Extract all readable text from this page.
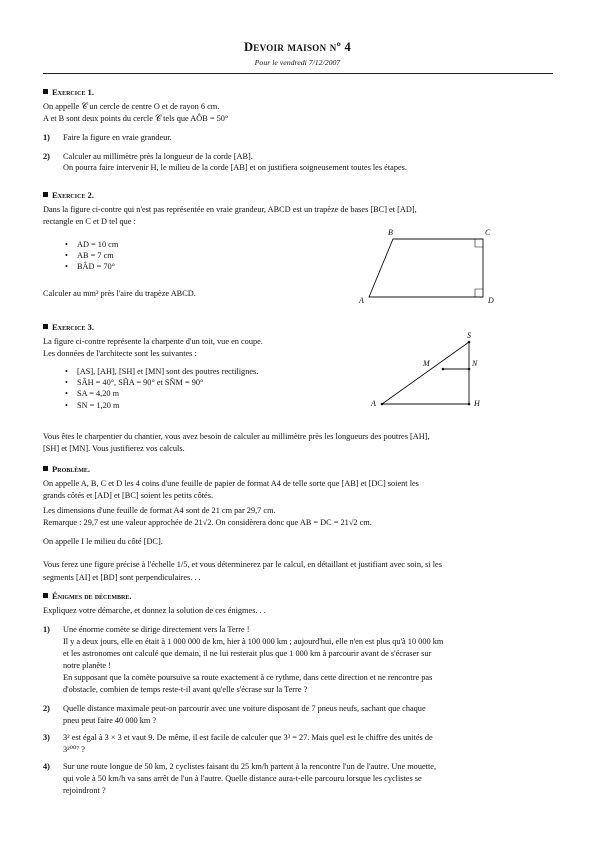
Devoir maison nº 4
Pour le vendredi 7/12/2007
Exercice 1.
On appelle 𝒞 un cercle de centre O et de rayon 6 cm.
A et B sont deux points du cercle 𝒞 tels que AÔB = 50°
1) Faire la figure en vraie grandeur.
2) Calculer au millimètre près la longueur de la corde [AB].
On pourra faire intervenir H, le milieu de la corde [AB] et on justifiera soigneusement toutes les étapes.
Exercice 2.
Dans la figure ci-contre qui n'est pas représentée en vraie grandeur, ABCD est un trapèze de bases [BC] et [AD],
rectangle en C et D tel que :
• AD = 10 cm
• AB = 7 cm
• BÂD = 70°
Calculer au mm² près l'aire du trapèze ABCD.
B	C
A	D
Exercice 3.
La figure ci-contre représente la charpente d'un toit, vue en coupe.
Les données de l'architecte sont les suivantes :
• [AS], [AH], [SH] et [MN] sont des poutres rectilignes.
• SÂH = 40°, SĤA = 90° et SN̂M = 90°
• SA = 4,20 m
• SN = 1,20 m
Vous êtes le charpentier du chantier, vous avez besoin de calculer au millimètre près les longueurs des poutres [AH],
[SH] et [MN]. Vous justifierez vos calculs.
S
M	N
A	H
Problème.
On appelle A, B, C et D les 4 coins d'une feuille de papier de format A4 de telle sorte que [AB] et [DC] soient les
grands côtés et [AD] et [BC] soient les petits côtés.
Les dimensions d'une feuille de format A4 sont de 21 cm par 29,7 cm.
Remarque : 29,7 est une valeur approchée de 21√2. On considèrera donc que AB = DC = 21√2 cm.
On appelle I le milieu du côté [DC].
Vous ferez une figure précise à l'échelle 1/5, et vous déterminerez par le calcul, en détaillant et justifiant avec soin, si les
segments [AI] et [BD] sont perpendiculaires. . .
Énigmes de décembre.
Expliquez votre démarche, et donnez la solution de ces énigmes. . .
1) Une énorme comète se dirige directement vers la Terre !
Il y a deux jours, elle en était à 1 000 000 de km, hier à 100 000 km ; aujourd'hui, elle n'en est plus qu'à 10 000 km
et les astronomes ont calculé que demain, il ne lui resterait plus que 1 000 km à parcourir avant de s'écraser sur
notre planète !
En supposant que la comète poursuive sa route exactement à ce rythme, dans cette direction et ne rencontre pas
d'obstacle, combien de temps reste-t-il avant qu'elle s'écrase sur la Terre ?
2) Quelle distance maximale peut-on parcourir avec une voiture disposant de 7 pneus neufs, sachant que chaque
pneu peut faire 40 000 km ?
3) 3² est égal à 3 × 3 et vaut 9. De même, il est facile de calculer que 3³ = 27. Mais quel est le chiffre des unités de
3²⁰⁰⁷ ?
4) Sur une route longue de 50 km, 2 cyclistes faisant du 25 km/h partent à la rencontre l'un de l'autre. Une mouette,
qui vole à 50 km/h va sans arrêt de l'un à l'autre. Quelle distance aura-t-elle parcouru lorsque les cyclistes se
rejoindront ?
